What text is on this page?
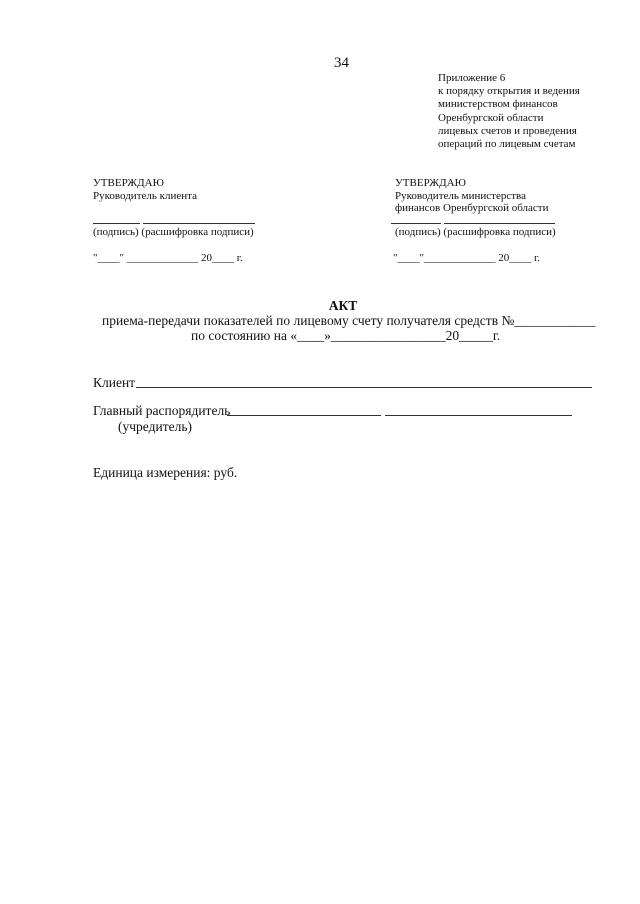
34
Приложение 6
к порядку открытия и ведения
министерством финансов
Оренбургской области
лицевых счетов и проведения
операций по лицевым счетам
УТВЕРЖДАЮ
Руководитель клиента
(подпись) (расшифровка подписи)
"____" _____________ 20____ г.
УТВЕРЖДАЮ
Руководитель министерства
финансов Оренбургской области
(подпись) (расшифровка подписи)
"____"_____________ 20____ г.
АКТ
приема-передачи показателей по лицевому счету получателя средств №____________
по состоянию на «____»_________________20_____г.
Клиент
Главный распорядитель
(учредитель)
Единица измерения: руб.
